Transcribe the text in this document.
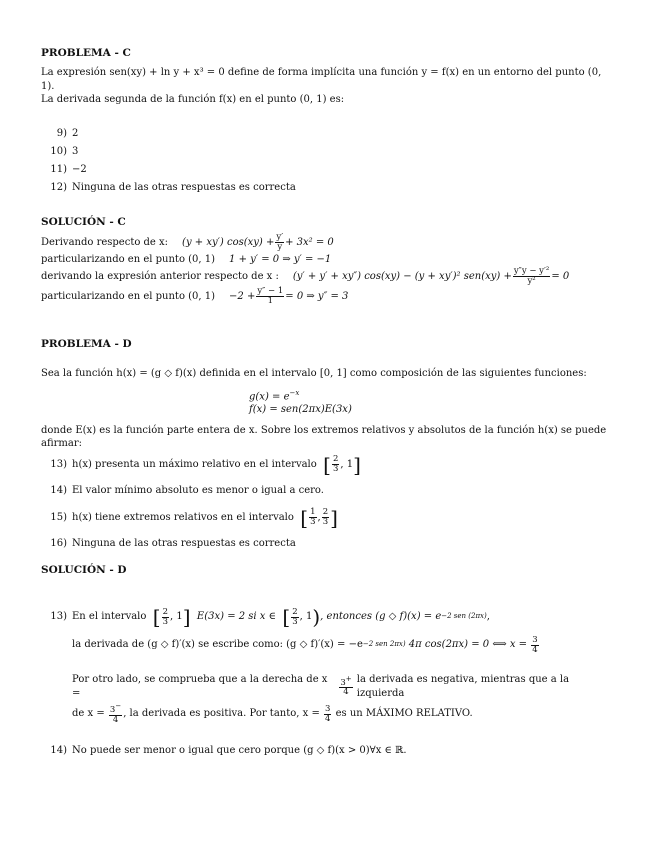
PROBLEMA - C

La expresión sen(xy) + ln y + x³ = 0 define de forma implícita una función y = f(x) en un entorno del punto (0, 1).

La derivada segunda de la función f(x) en el punto (0, 1) es:

9) 2
10) 3
11) −2
12) Ninguna de las otras respuestas es correcta
SOLUCIÓN - C
Derivando respecto de x: (y + xy′) $\cos(xy) + \frac{y'}{y} + 3x^2 = 0$
particularizando en el punto (0, 1) 1 + y′ = 0 ⇒ y′ = −1
derivando la expresión anterior respecto de x : (y′ + y′ + xy″) cos(xy) − (y + xy′)² $sen(xy) + \frac{\text{y″y − y′²}}{\text{y²}} = 0$
particularizando en el punto (0, $1) -2 + \frac{y'' - 1}{1} = 0$ ⇒ y″ = 3
PROBLEMA - D

Sea la función h(x) = (g ◇ f)(x) definida en el intervalo [0, 1] como composición de las siguientes funciones:

$g(x) = e^{-x}$
f(x) = sen(2πx)E(3x)

donde E(x) es la función parte entera de x. Sobre los extremos relativos y absolutos de la función h(x) se puede

afirmar:

13) h(x) presenta un máximo relativo en el intervalo [ $\frac{2}{3}$ , 1 ]
14) El valor mínimo absoluto es menor o igual a cero.
15) h(x) tiene extremos relativos en el intervalo [ $\frac{1}{3}$ , $\frac{2}{3}$ ]
16) Ninguna de las otras respuestas es correcta
SOLUCIÓN - D
13) En el intervalo [ $\frac{2}{3}$ , 1 ] E(3x) = 2 si x ∈ [ $\frac{2}{3}$ , 1 ) , entonces (g ◇ f)(x) = e −2 sen (2πx) ,
la derivada de (g ◇ f)′(x) se escribe como: (g ◇ f)′(x) = −e −2 sen 2πx)
4π cos(2πx) = 0 ⟺ x =
$\frac{3}{4}$
Por otro lado, se comprueba que a la derecha de x =
	$\frac{3^+}{4}$
la derivada es negativa, mientras que a la izquierda
de x =
$\frac{3^-}{4}$ , la derivada es positiva. Por tanto, x =
$\frac{3}{4}$
es un MÁXIMO RELATIVO.
14) No puede ser menor o igual que cero porque (g ◇ f)(x > 0)∀x ∈ ℝ.
